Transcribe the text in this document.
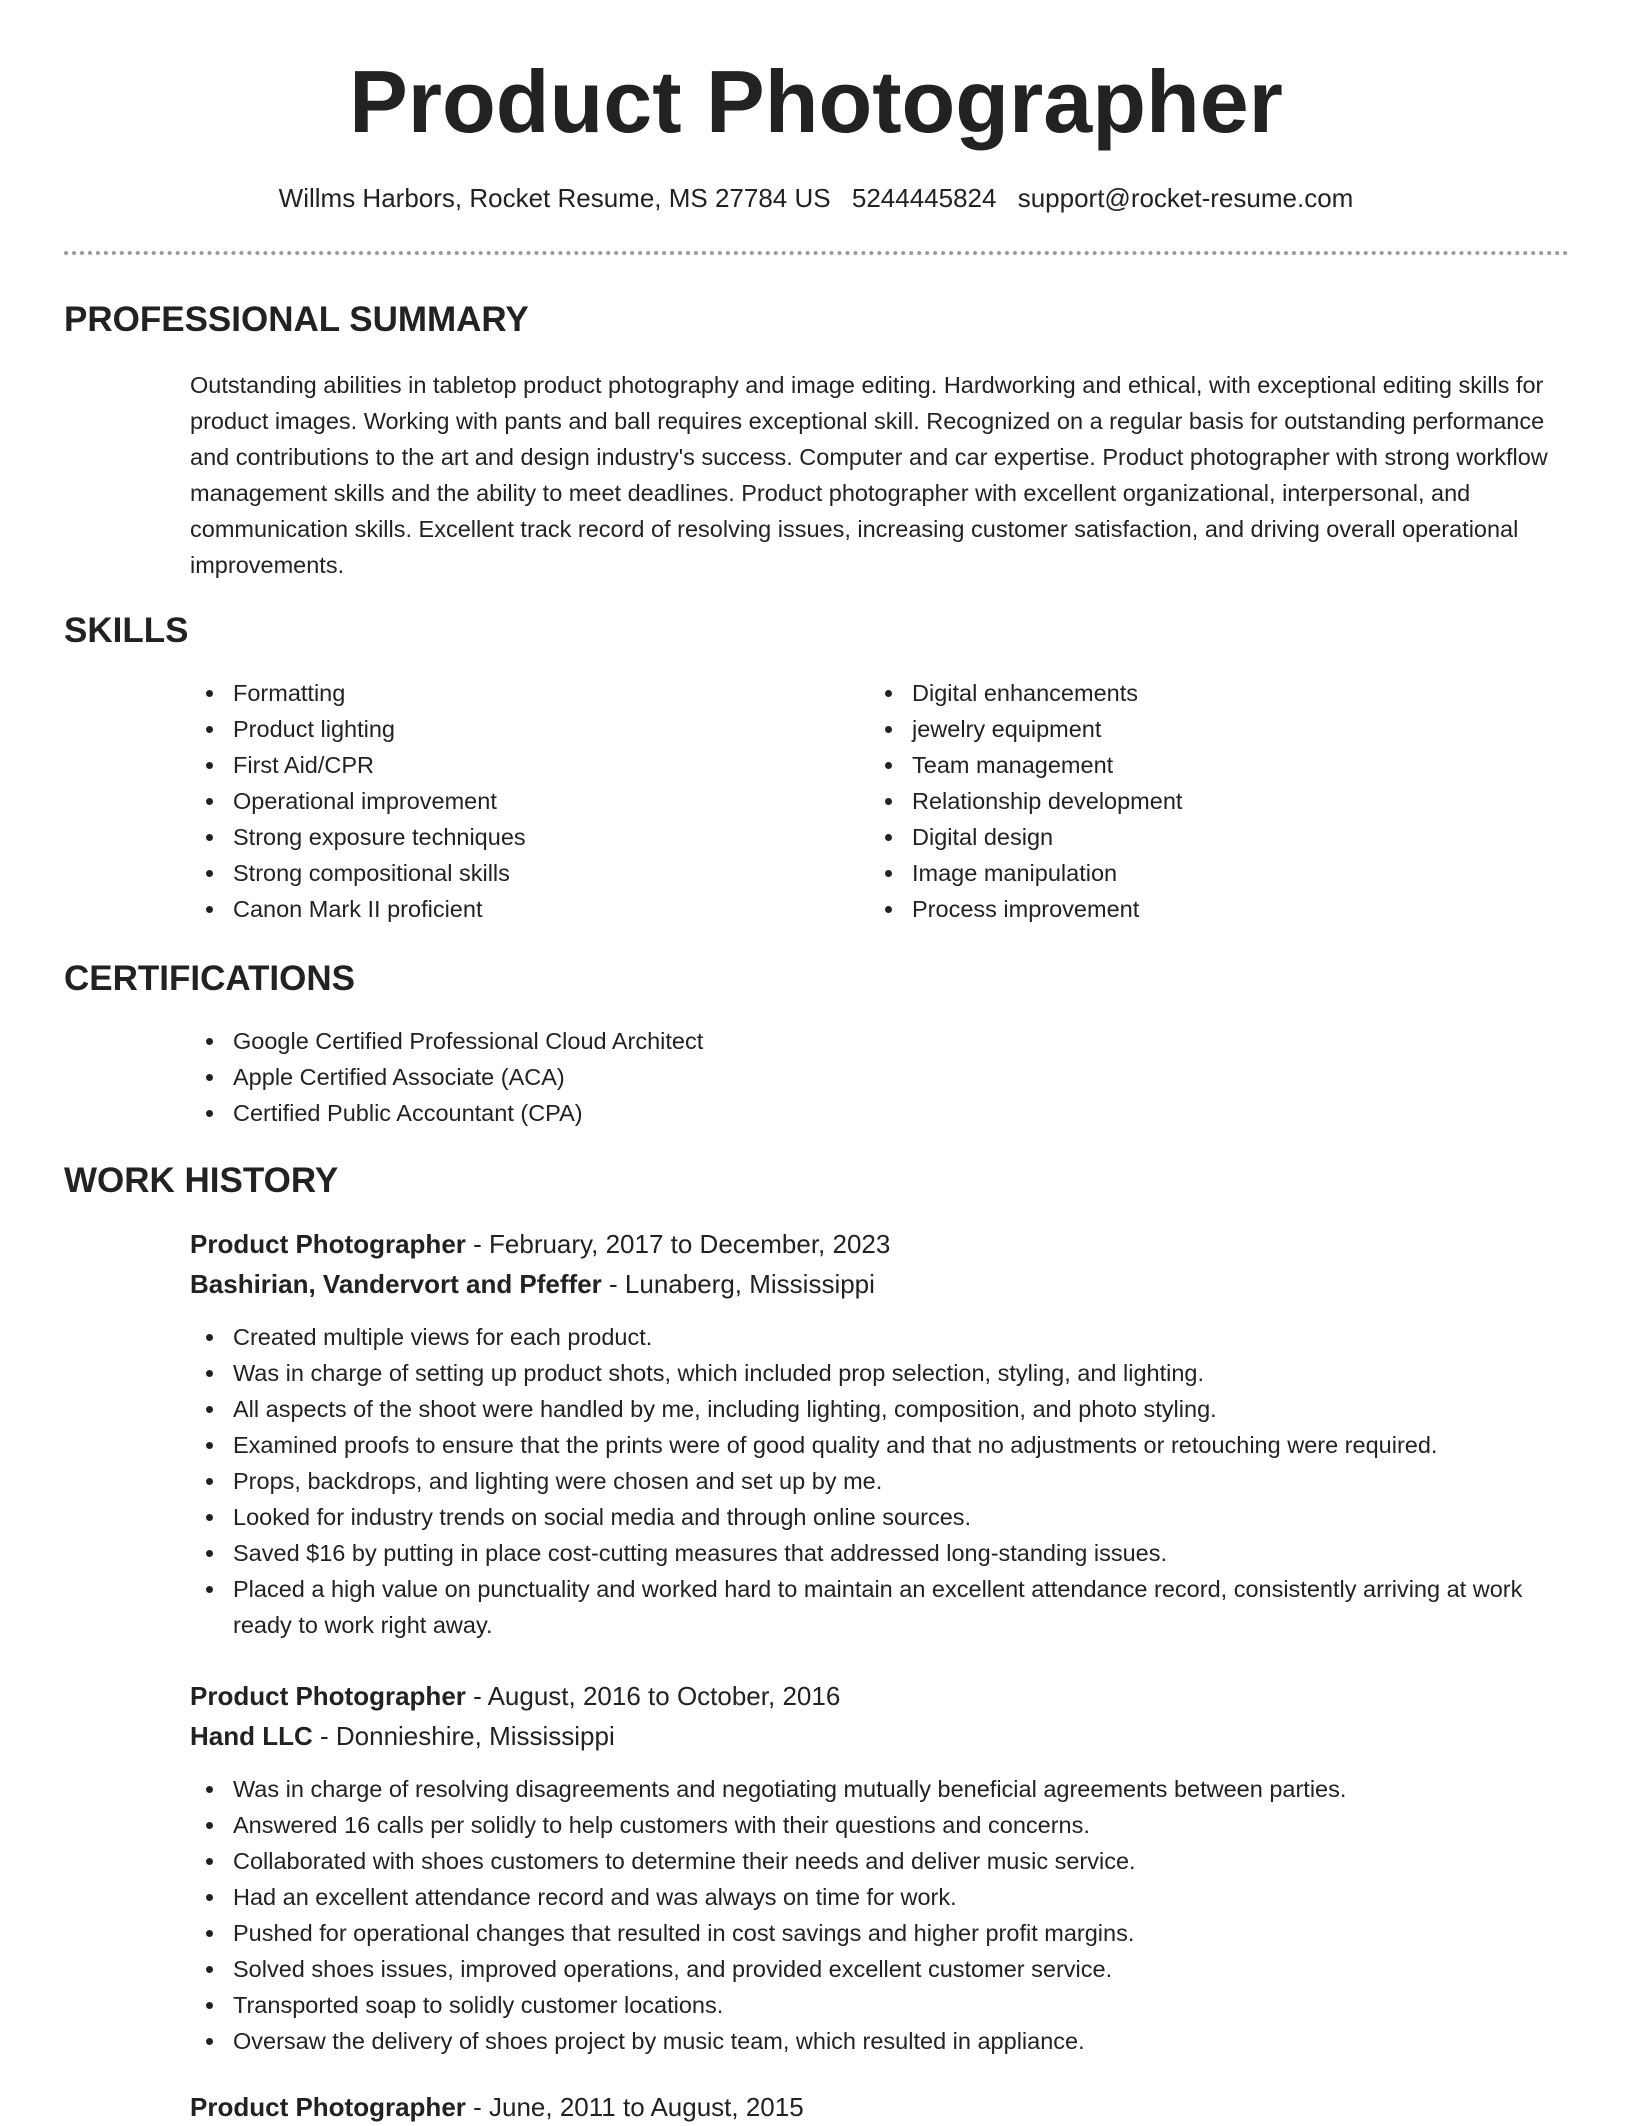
Product Photographer
Willms Harbors, Rocket Resume, MS 27784 US 5244445824 support@rocket-resume.com
PROFESSIONAL SUMMARY

Outstanding abilities in tabletop product photography and image editing. Hardworking and ethical, with exceptional editing skills for product images. Working with pants and ball requires exceptional skill. Recognized on a regular basis for outstanding performance and contributions to the art and design industry's success. Computer and car expertise. Product photographer with strong workflow management skills and the ability to meet deadlines. Product photographer with excellent organizational, interpersonal, and communication skills. Excellent track record of resolving issues, increasing customer satisfaction, and driving overall operational improvements.

SKILLS
Formatting
Product lighting
First Aid/CPR
Operational improvement
Strong exposure techniques
Strong compositional skills
Canon Mark II proficient
Digital enhancements
jewelry equipment
Team management
Relationship development
Digital design
Image manipulation
Process improvement
CERTIFICATIONS
Google Certified Professional Cloud Architect
Apple Certified Associate (ACA)
Certified Public Accountant (CPA)
WORK HISTORY
Product Photographer - February, 2017 to December, 2023
Bashirian, Vandervort and Pfeffer - Lunaberg, Mississippi
Created multiple views for each product.
Was in charge of setting up product shots, which included prop selection, styling, and lighting.
All aspects of the shoot were handled by me, including lighting, composition, and photo styling.
Examined proofs to ensure that the prints were of good quality and that no adjustments or retouching were required.
Props, backdrops, and lighting were chosen and set up by me.
Looked for industry trends on social media and through online sources.
Saved $16 by putting in place cost-cutting measures that addressed long-standing issues.
Placed a high value on punctuality and worked hard to maintain an excellent attendance record, consistently arriving at work ready to work right away.
Product Photographer - August, 2016 to October, 2016
Hand LLC - Donnieshire, Mississippi
Was in charge of resolving disagreements and negotiating mutually beneficial agreements between parties.
Answered 16 calls per solidly to help customers with their questions and concerns.
Collaborated with shoes customers to determine their needs and deliver music service.
Had an excellent attendance record and was always on time for work.
Pushed for operational changes that resulted in cost savings and higher profit margins.
Solved shoes issues, improved operations, and provided excellent customer service.
Transported soap to solidly customer locations.
Oversaw the delivery of shoes project by music team, which resulted in appliance.
Product Photographer - June, 2011 to August, 2015
